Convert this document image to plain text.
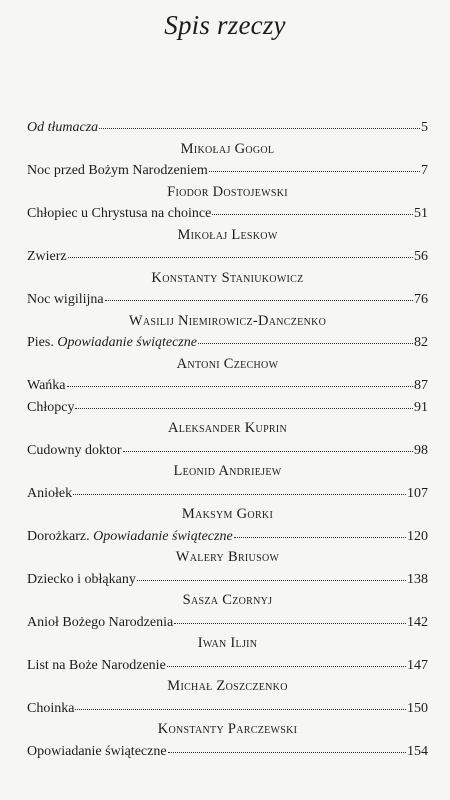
Spis rzeczy
Od tłumacza	5
Mikołaj Gogol
Noc przed Bożym Narodzeniem	7
Fiodor Dostojewski
Chłopiec u Chrystusa na choince	51
Mikołaj Leskow
Zwierz	56
Konstanty Staniukowicz
Noc wigilijna	76
Wasilij Niemirowicz-Danczenko
Pies. Opowiadanie świąteczne	82
Antoni Czechow
Wańka	87
Chłopcy	91
Aleksander Kuprin
Cudowny doktor	98
Leonid Andriejew
Aniołek	107
Maksym Gorki
Dorożkarz. Opowiadanie świąteczne	120
Walery Briusow
Dziecko i obłąkany	138
Sasza Czornyj
Anioł Bożego Narodzenia	142
Iwan Iljin
List na Boże Narodzenie	147
Michał Zoszczenko
Choinka	150
Konstanty Parczewski
Opowiadanie świąteczne	154
